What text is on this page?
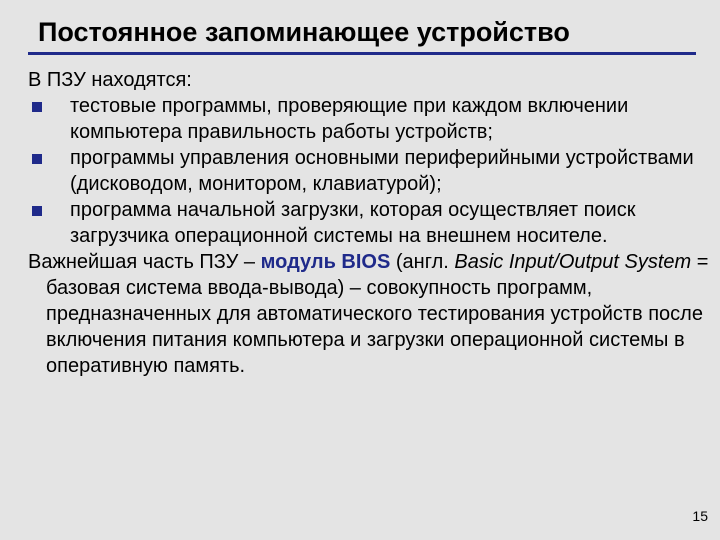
Постоянное запоминающее устройство

В ПЗУ находятся:

тестовые программы, проверяющие при каждом включении компьютера правильность работы устройств;
программы управления основными периферийными устройствами (дисководом, монитором, клавиатурой);
программа начальной загрузки, которая осуществляет поиск загрузчика операционной системы на внешнем носителе.

Важнейшая часть ПЗУ – модуль BIOS (англ. Basic Input/Output System = базовая система ввода-вывода) – совокупность программ, предназначенных для автоматического тестирования устройств после включения питания компьютера и загрузки операционной системы в оперативную память.

15
